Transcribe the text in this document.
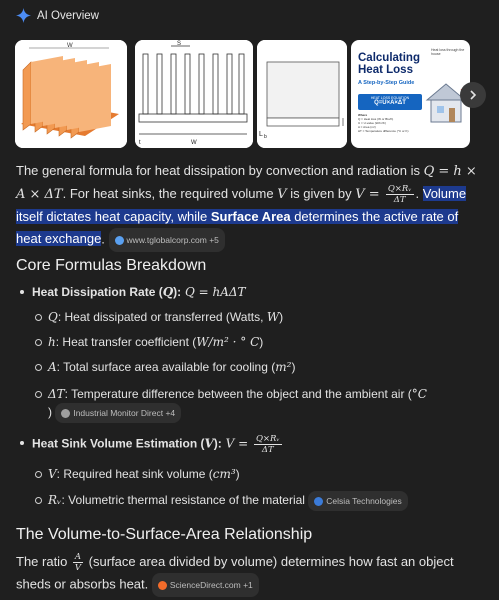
AI Overview
W	S
t	W
L b
Calculating
Heat Loss
A Step-by-Step Guide
HEAT LOSS EQUATION
Q=U×A×ΔT
Where
Q = Heat loss (W or Btu/h)
U = U-value (W/m²K)
A = Area (m²)
ΔT = Temperature difference (°C or K)
Heat loss through the house

The general formula for heat dissipation by convection and radiation is Q = h × A × ΔT. For heat sinks, the required volume V is given by $V = \frac{\text{Q×Rᵥ}}{\Delta T}$ . Volume itself dictates heat capacity, while Surface Area determines the active rate of heat exchange.	www.tglobalcorp.com +5

Core Formulas Breakdown
Heat Dissipation Rate (Q): Q = hAΔT
Q: Heat dissipated or transferred (Watts, W)
h: Heat transfer coefficient (W/m² · ° C)
A: Total surface area available for cooling (m²)
ΔT: Temperature difference between the object and the ambient air (°C
)	Industrial Monitor Direct +4
Heat Sink Volume Estimation (V): $V = \frac{\text{Q×Rᵥ}}{\Delta T}$
V: Required heat sink volume (cm³)
Rᵥ: Volumetric thermal resistance of the material	Celsia Technologies
The Volume-to-Surface-Area Relationship

The ratio $\frac{A}{V}$ (surface area divided by volume) determines how fast an object sheds or absorbs heat.	ScienceDirect.com +1
